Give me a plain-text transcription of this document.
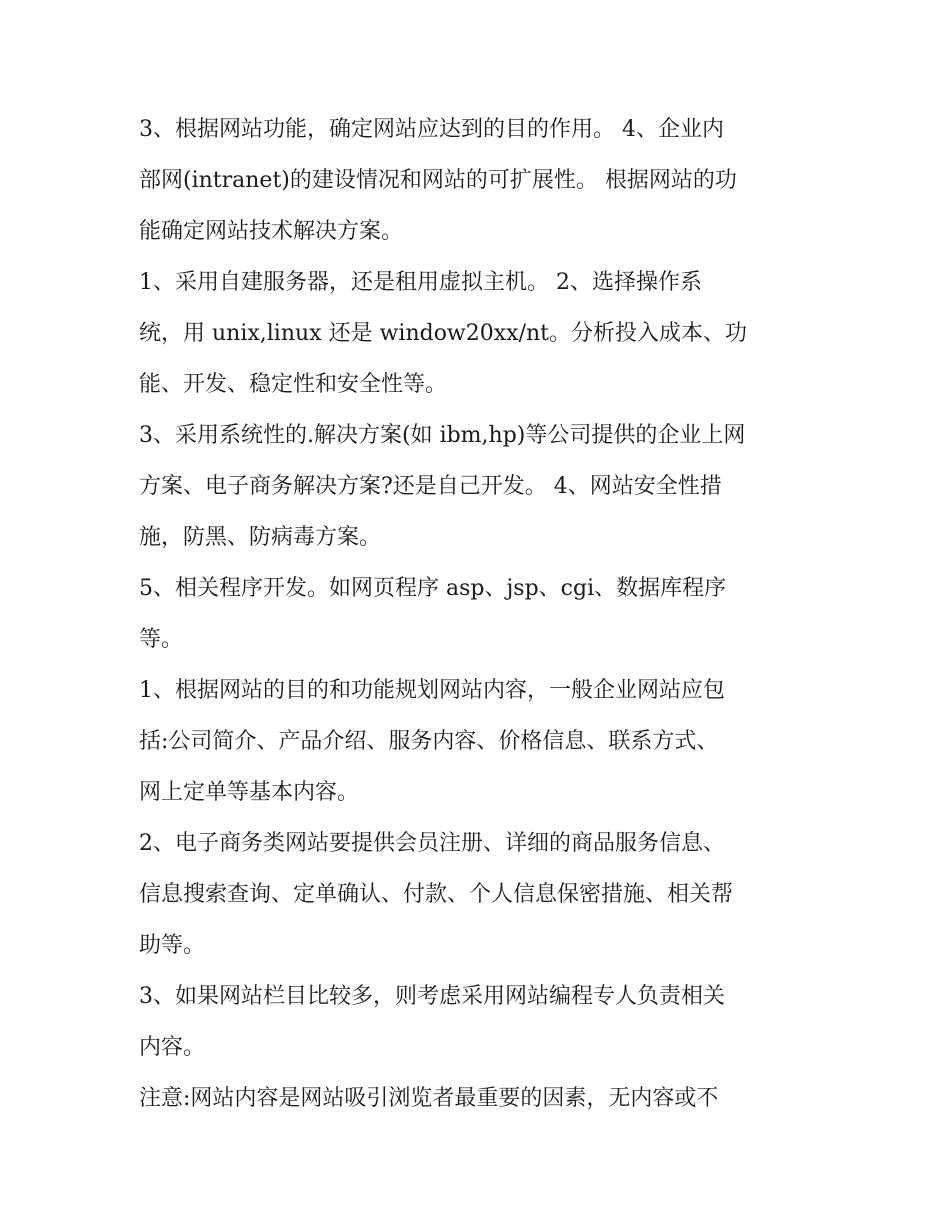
3、根据网站功能，确定网站应达到的目的作用。 4、企业内
部网(intranet)的建设情况和网站的可扩展性。 根据网站的功
能确定网站技术解决方案。

1、采用自建服务器，还是租用虚拟主机。 2、选择操作系
统，用 unix,linux 还是 window20xx/nt。分析投入成本、功
能、开发、稳定性和安全性等。

3、采用系统性的.解决方案(如 ibm,hp)等公司提供的企业上网
方案、电子商务解决方案?还是自己开发。 4、网站安全性措
施，防黑、防病毒方案。

5、相关程序开发。如网页程序 asp、jsp、cgi、数据库程序
等。

1、根据网站的目的和功能规划网站内容，一般企业网站应包
括:公司简介、产品介绍、服务内容、价格信息、联系方式、
网上定单等基本内容。

2、电子商务类网站要提供会员注册、详细的商品服务信息、
信息搜索查询、定单确认、付款、个人信息保密措施、相关帮
助等。

3、如果网站栏目比较多，则考虑采用网站编程专人负责相关
内容。

注意:网站内容是网站吸引浏览者最重要的因素，无内容或不
